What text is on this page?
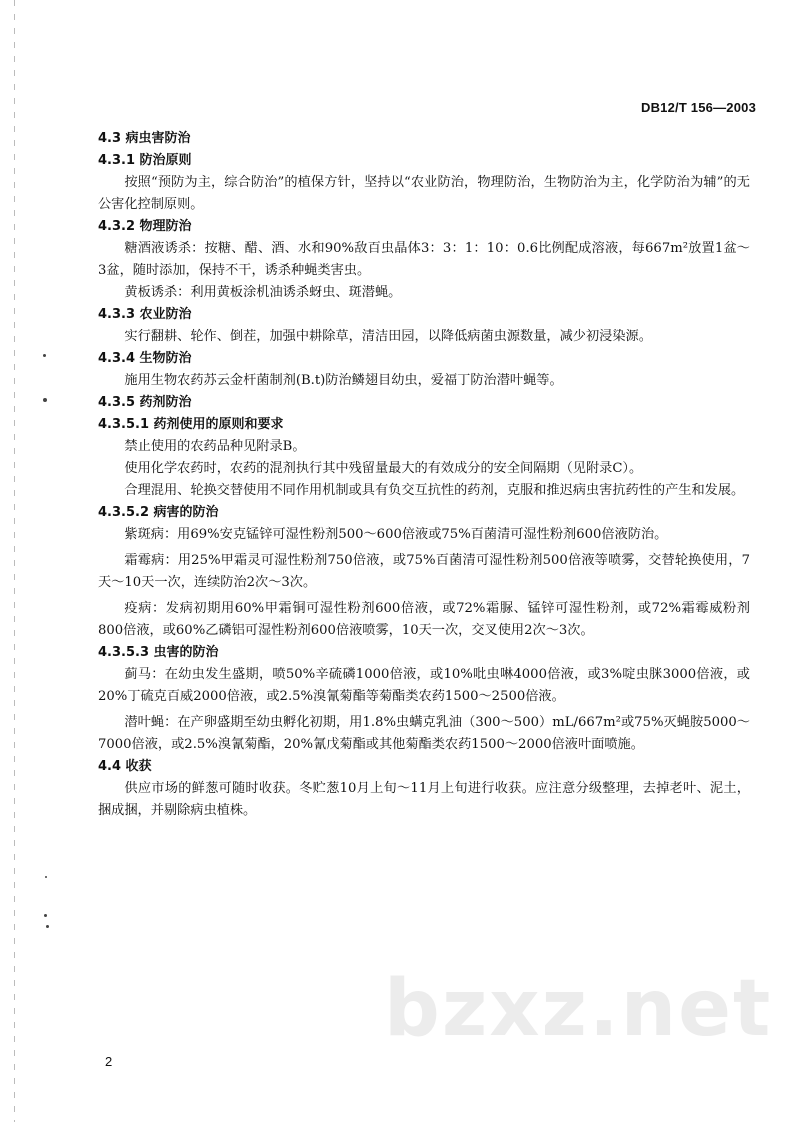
DB12/T 156—2003
4.3 病虫害防治
4.3.1 防治原则
按照“预防为主，综合防治”的植保方针，坚持以“农业防治，物理防治，生物防治为主，化学防治为辅”的无公害化控制原则。
4.3.2 物理防治
糖酒液诱杀：按糖、醋、酒、水和90%敌百虫晶体3：3：1：10：0.6比例配成溶液，每667m²放置1盆～3盆，随时添加，保持不干，诱杀种蝇类害虫。
黄板诱杀：利用黄板涂机油诱杀蚜虫、斑潜蝇。
4.3.3 农业防治
实行翻耕、轮作、倒茬，加强中耕除草，清洁田园，以降低病菌虫源数量，减少初浸染源。
4.3.4 生物防治
施用生物农药苏云金杆菌制剂(B.t)防治鳞翅目幼虫，爱福丁防治潜叶蝇等。
4.3.5 药剂防治
4.3.5.1 药剂使用的原则和要求
禁止使用的农药品种见附录B。
使用化学农药时，农药的混剂执行其中残留量最大的有效成分的安全间隔期（见附录C）。
合理混用、轮换交替使用不同作用机制或具有负交互抗性的药剂，克服和推迟病虫害抗药性的产生和发展。
4.3.5.2 病害的防治
紫斑病：用69%安克锰锌可湿性粉剂500～600倍液或75%百菌清可湿性粉剂600倍液防治。
霜霉病：用25%甲霜灵可湿性粉剂750倍液，或75%百菌清可湿性粉剂500倍液等喷雾，交替轮换使用，7天～10天一次，连续防治2次～3次。
疫病：发病初期用60%甲霜铜可湿性粉剂600倍液，或72%霜脲、锰锌可湿性粉剂，或72%霜霉威粉剂800倍液，或60%乙磷铝可湿性粉剂600倍液喷雾，10天一次，交叉使用2次～3次。
4.3.5.3 虫害的防治
蓟马：在幼虫发生盛期，喷50%辛硫磷1000倍液，或10%吡虫啉4000倍液，或3%啶虫脒3000倍液，或20%丁硫克百威2000倍液，或2.5%溴氰菊酯等菊酯类农药1500～2500倍液。
潜叶蝇：在产卵盛期至幼虫孵化初期，用1.8%虫螨克乳油（300～500）mL/667m²或75%灭蝇胺5000～7000倍液，或2.5%溴氰菊酯，20%氰戊菊酯或其他菊酯类农药1500～2000倍液叶面喷施。
4.4 收获
供应市场的鲜葱可随时收获。冬贮葱10月上旬～11月上旬进行收获。应注意分级整理，去掉老叶、泥土，捆成捆，并剔除病虫植株。
bzxz.net
2
